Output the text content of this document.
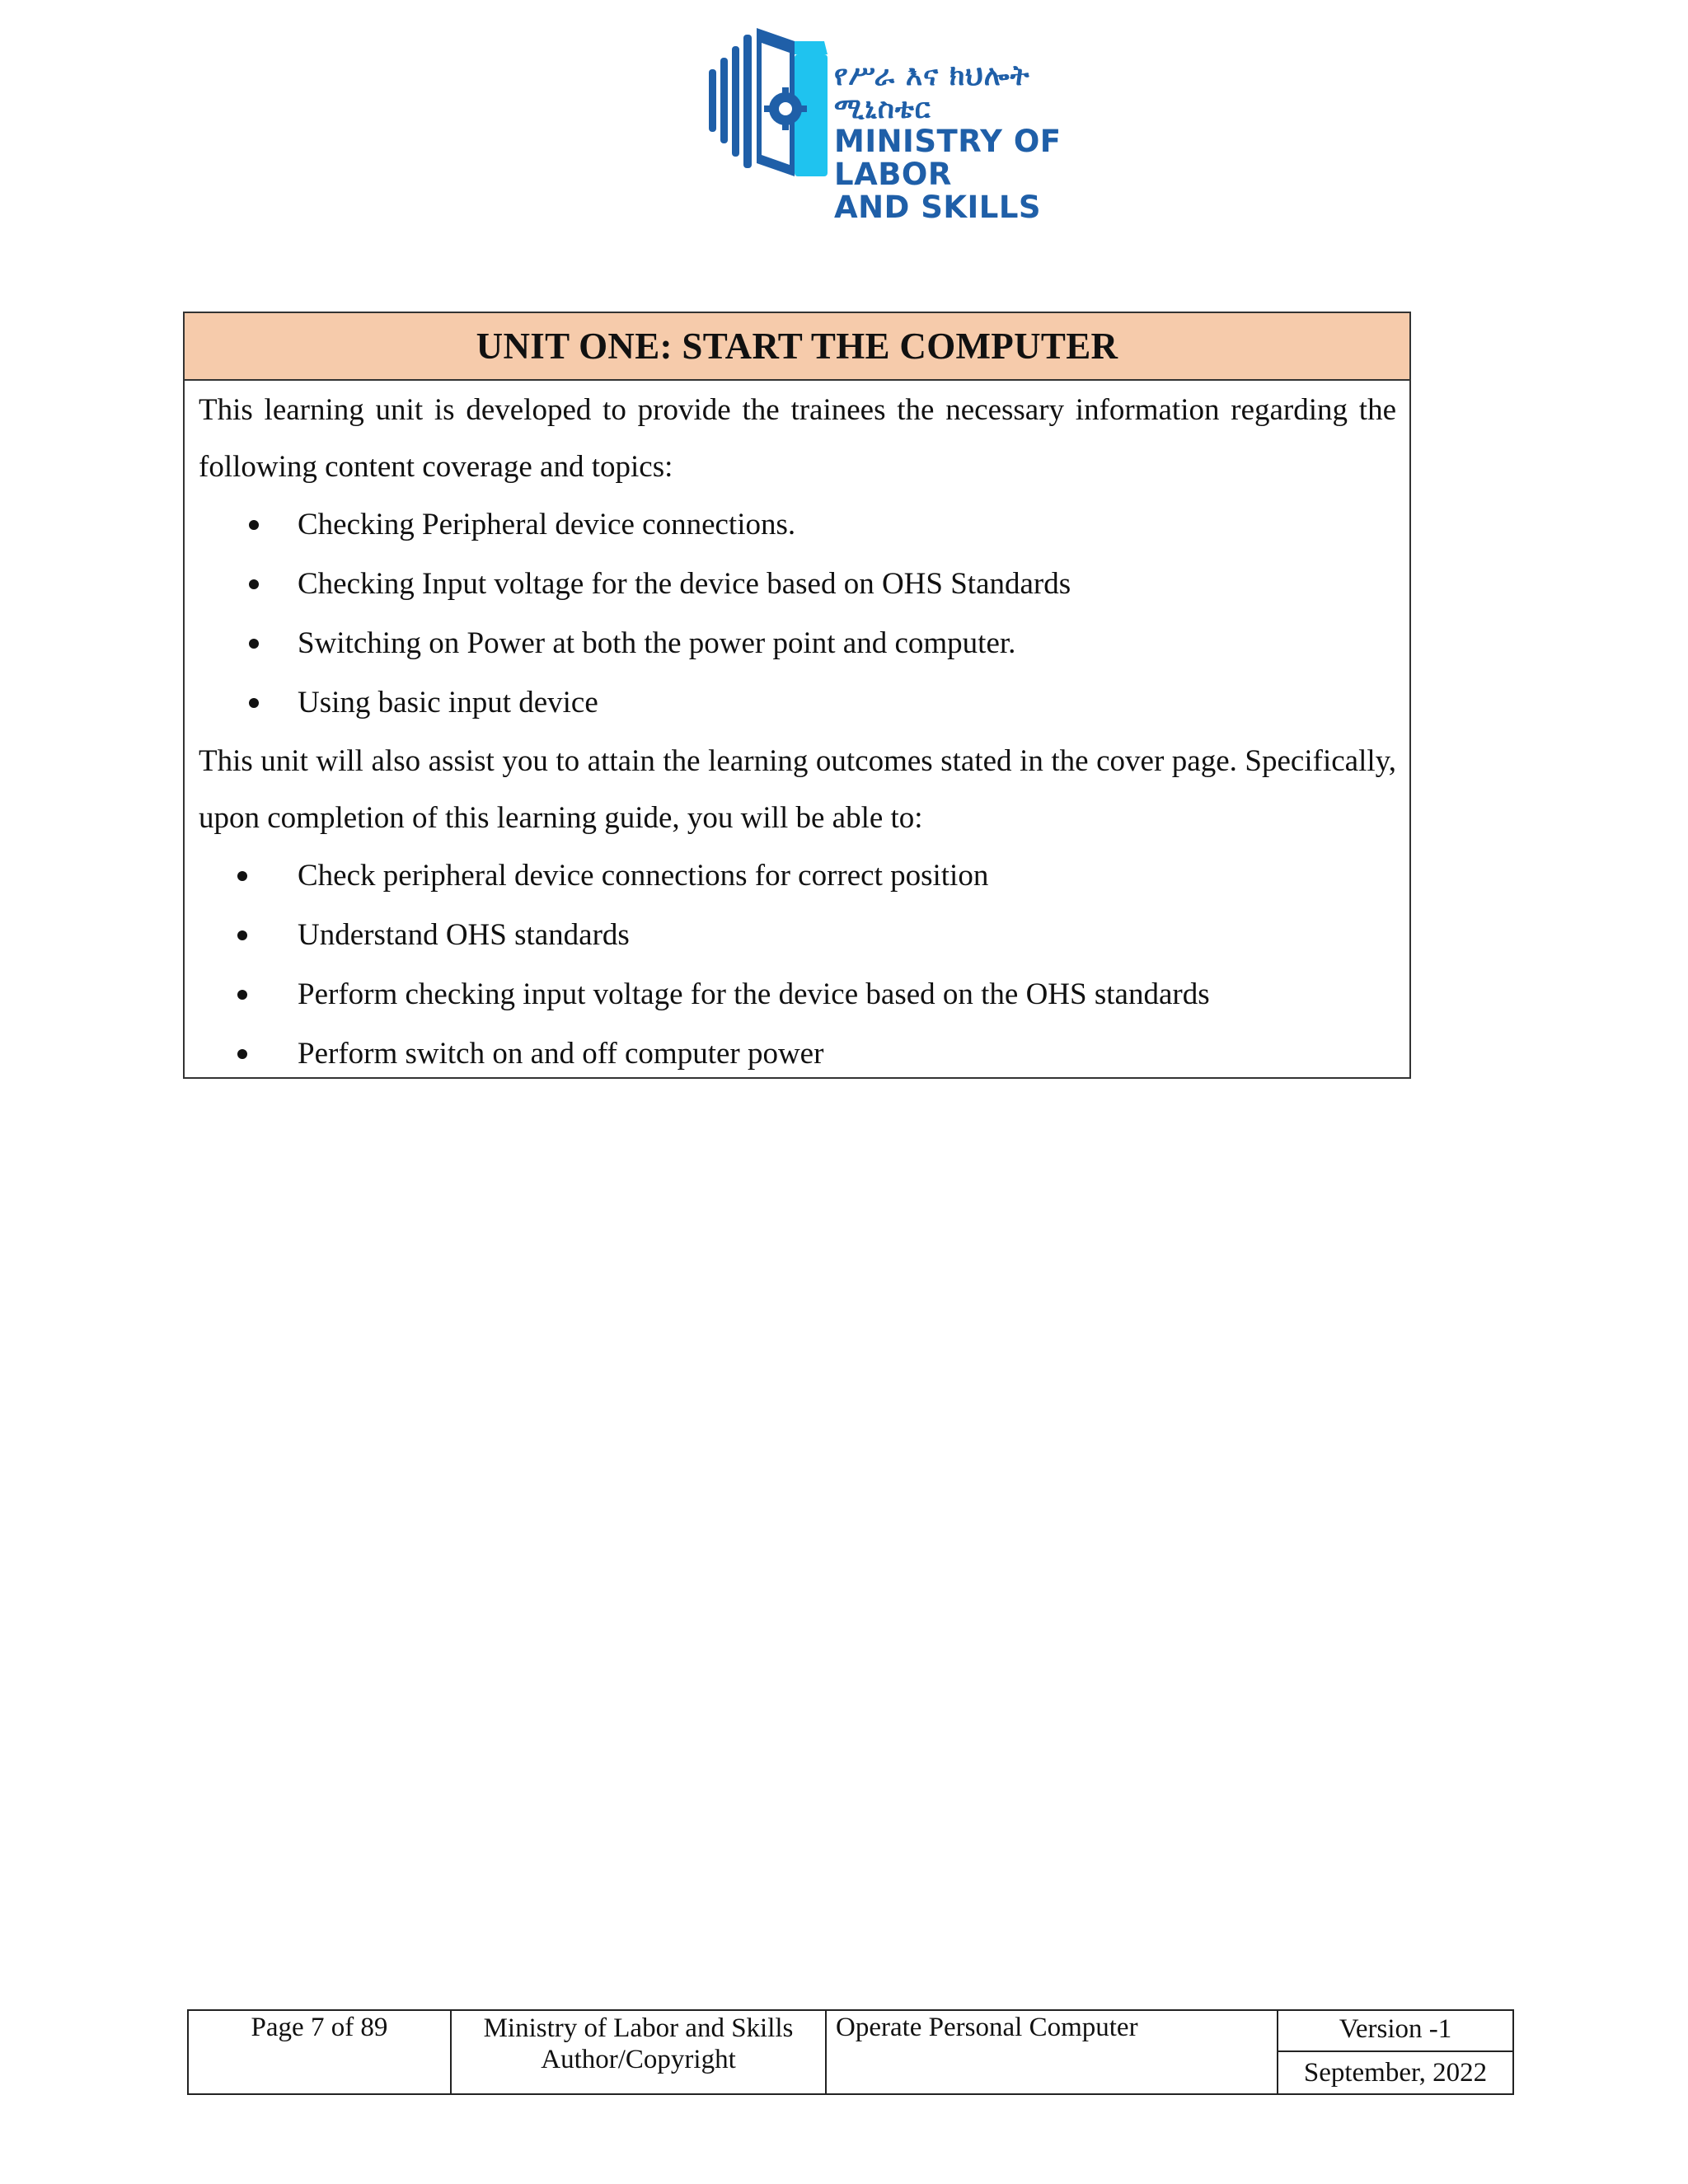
የሥራ እና ክህሎት ሚኒስቴር
MINISTRY OF LABOR
AND SKILLS
UNIT ONE: START THE COMPUTER

This learning unit is developed to provide the trainees the necessary information regarding the following content coverage and topics:

Checking Peripheral device connections.
Checking Input voltage for the device based on OHS Standards
Switching on Power at both the power point and computer.
Using basic input device

This unit will also assist you to attain the learning outcomes stated in the cover page. Specifically, upon completion of this learning guide, you will be able to:

Check peripheral device connections for correct position
Understand OHS standards
Perform checking input voltage for the device based on the OHS standards
Perform switch on and off computer power
Page 7 of 89	Ministry of Labor and Skills
Author/Copyright
Operate Personal Computer	Version -1
September, 2022
